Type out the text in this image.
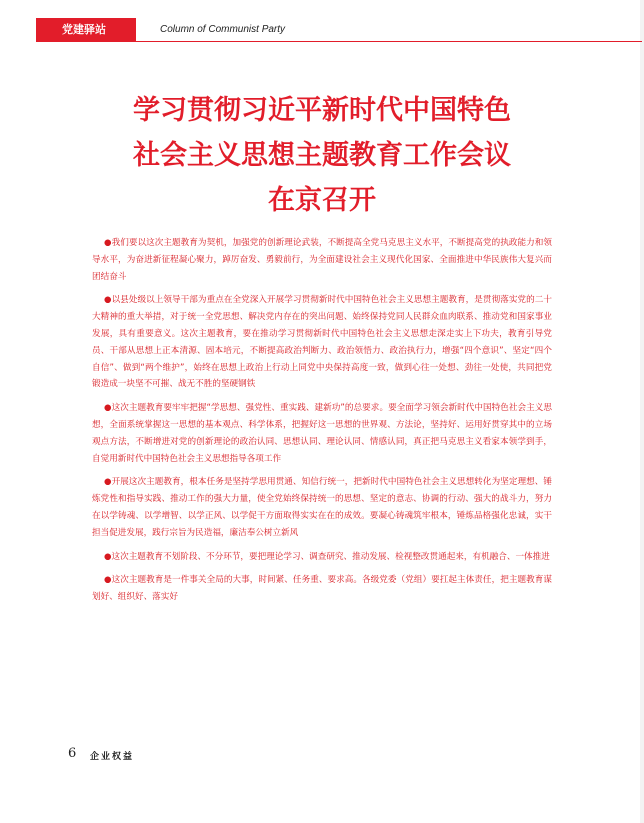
党建驿站	Column of Communist Party
学习贯彻习近平新时代中国特色
社会主义思想主题教育工作会议
在京召开

●我们要以这次主题教育为契机，加强党的创新理论武装，不断提高全党马克思主义水平，不断提高党的执政能力和领导水平，为奋进新征程凝心聚力，踔厉奋发、勇毅前行，为全面建设社会主义现代化国家、全面推进中华民族伟大复兴而团结奋斗

●以县处级以上领导干部为重点在全党深入开展学习贯彻新时代中国特色社会主义思想主题教育，是贯彻落实党的二十大精神的重大举措，对于统一全党思想、解决党内存在的突出问题、始终保持党同人民群众血肉联系、推动党和国家事业发展，具有重要意义。这次主题教育，要在推动学习贯彻新时代中国特色社会主义思想走深走实上下功夫，教育引导党员、干部从思想上正本清源、固本培元，不断提高政治判断力、政治领悟力、政治执行力，增强“四个意识”、坚定“四个自信”、做到“两个维护”，始终在思想上政治上行动上同党中央保持高度一致，做到心往一处想、劲往一处使，共同把党锻造成一块坚不可摧、战无不胜的坚硬钢铁

●这次主题教育要牢牢把握“学思想、强党性、重实践、建新功”的总要求。要全面学习领会新时代中国特色社会主义思想，全面系统掌握这一思想的基本观点、科学体系，把握好这一思想的世界观、方法论，坚持好、运用好贯穿其中的立场观点方法，不断增进对党的创新理论的政治认同、思想认同、理论认同、情感认同，真正把马克思主义看家本领学到手，自觉用新时代中国特色社会主义思想指导各项工作

●开展这次主题教育，根本任务是坚持学思用贯通、知信行统一，把新时代中国特色社会主义思想转化为坚定理想、锤炼党性和指导实践、推动工作的强大力量，使全党始终保持统一的思想、坚定的意志、协调的行动、强大的战斗力，努力在以学铸魂、以学增智、以学正风、以学促干方面取得实实在在的成效。要凝心铸魂筑牢根本，锤炼品格强化忠诚，实干担当促进发展，践行宗旨为民造福，廉洁奉公树立新风

●这次主题教育不划阶段、不分环节，要把理论学习、调查研究、推动发展、检视整改贯通起来，有机融合、一体推进

●这次主题教育是一件事关全局的大事，时间紧、任务重、要求高。各级党委（党组）要扛起主体责任，把主题教育谋划好、组织好、落实好

6 企业权益
